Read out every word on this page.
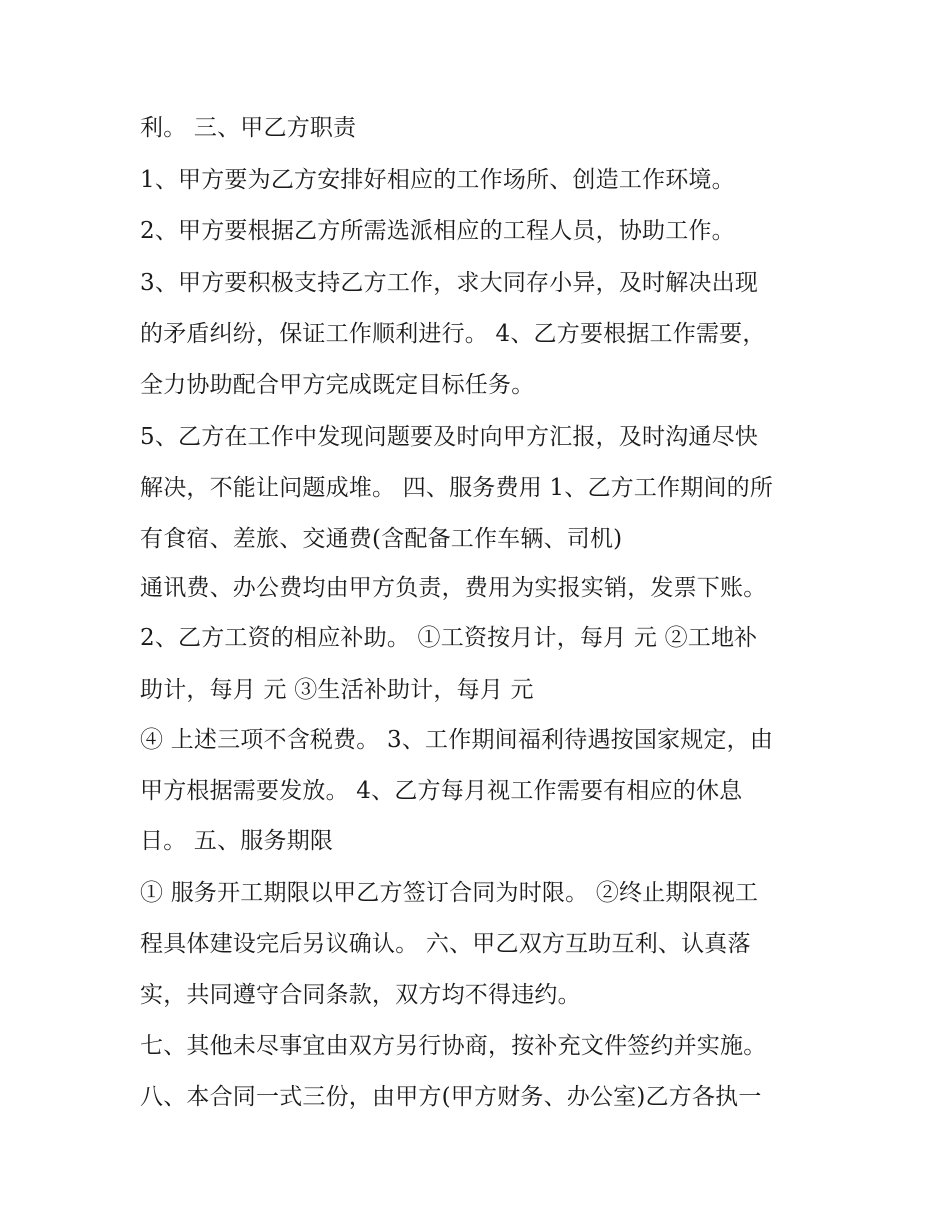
利。 三、甲乙方职责
1、甲方要为乙方安排好相应的工作场所、创造工作环境。
2、甲方要根据乙方所需选派相应的工程人员，协助工作。
3、甲方要积极支持乙方工作，求大同存小异，及时解决出现
的矛盾纠纷，保证工作顺利进行。 4、乙方要根据工作需要，
全力协助配合甲方完成既定目标任务。
5、乙方在工作中发现问题要及时向甲方汇报，及时沟通尽快
解决，不能让问题成堆。 四、服务费用 1、乙方工作期间的所
有食宿、差旅、交通费(含配备工作车辆、司机)
通讯费、办公费均由甲方负责，费用为实报实销，发票下账。
2、乙方工资的相应补助。 ①工资按月计，每月 元 ②工地补
助计，每月 元 ③生活补助计，每月 元
④ 上述三项不含税费。 3、工作期间福利待遇按国家规定，由
甲方根据需要发放。 4、乙方每月视工作需要有相应的休息
日。 五、服务期限
① 服务开工期限以甲乙方签订合同为时限。 ②终止期限视工
程具体建设完后另议确认。 六、甲乙双方互助互利、认真落
实，共同遵守合同条款，双方均不得违约。
七、其他未尽事宜由双方另行协商，按补充文件签约并实施。
八、本合同一式三份，由甲方(甲方财务、办公室)乙方各执一
